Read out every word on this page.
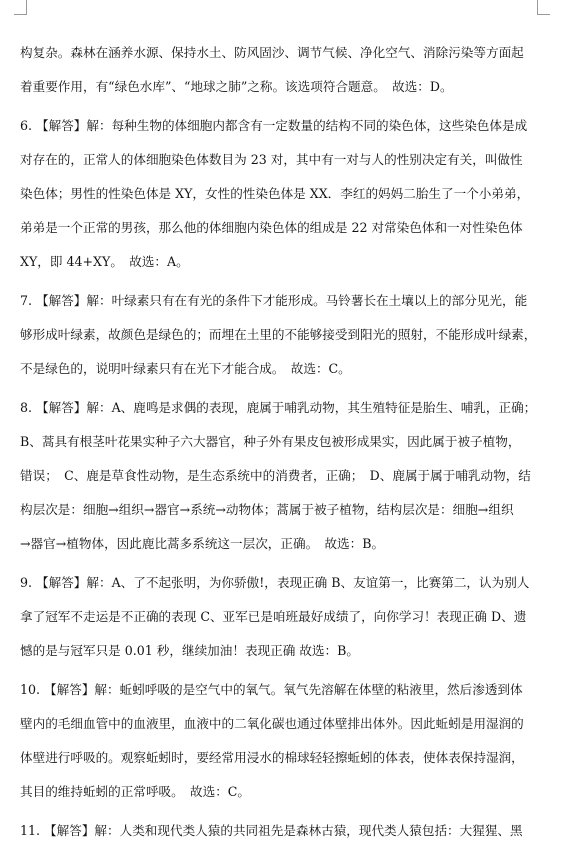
构复杂。森林在涵养水源、保持水土、防风固沙、调节气候、净化空气、消除污染等方面起
着重要作用，有“绿色水库”、“地球之肺”之称。该选项符合题意。　故选：D。
6. 【解答】解：每种生物的体细胞内都含有一定数量的结构不同的染色体，这些染色体是成
对存在的，正常人的体细胞染色体数目为 23 对，其中有一对与人的性别决定有关，叫做性
染色体；男性的性染色体是 XY，女性的性染色体是 XX．李红的妈妈二胎生了一个小弟弟，
弟弟是一个正常的男孩，那么他的体细胞内染色体的组成是 22 对常染色体和一对性染色体
XY，即 44+XY。　故选：A。
7. 【解答】解：叶绿素只有在有光的条件下才能形成。马铃薯长在土壤以上的部分见光，能
够形成叶绿素，故颜色是绿色的；而埋在土里的不能够接受到阳光的照射，不能形成叶绿素，
不是绿色的，说明叶绿素只有在光下才能合成。　故选：C。
8. 【解答】解：A、鹿鸣是求偶的表现，鹿属于哺乳动物，其生殖特征是胎生、哺乳，正确；
B、蒿具有根茎叶花果实种子六大器官，种子外有果皮包被形成果实，因此属于被子植物，
错误；　C、鹿是草食性动物，是生态系统中的消费者，正确；　D、鹿属于属于哺乳动物，结
构层次是：细胞→组织→器官→系统→动物体；蒿属于被子植物，结构层次是：细胞→组织
→器官→植物体，因此鹿比蒿多系统这一层次，正确。　故选：B。
9. 【解答】解：A、了不起张明，为你骄傲!，表现正确 B、友谊第一，比赛第二，认为别人
拿了冠军不走运是不正确的表现 C、亚军已是咱班最好成绩了，向你学习！表现正确 D、遗
憾的是与冠军只是 0.01 秒，继续加油！表现正确 故选：B。
10. 【解答】解：蚯蚓呼吸的是空气中的氧气。氧气先溶解在体壁的粘液里，然后渗透到体
壁内的毛细血管中的血液里，血液中的二氧化碳也通过体壁排出体外。因此蚯蚓是用湿润的
体壁进行呼吸的。观察蚯蚓时，要经常用浸水的棉球轻轻擦蚯蚓的体表，使体表保持湿润，
其目的维持蚯蚓的正常呼吸。　故选：C。
11. 【解答】解：人类和现代类人猿的共同祖先是森林古猿，现代类人猿包括：大猩猩、黑
